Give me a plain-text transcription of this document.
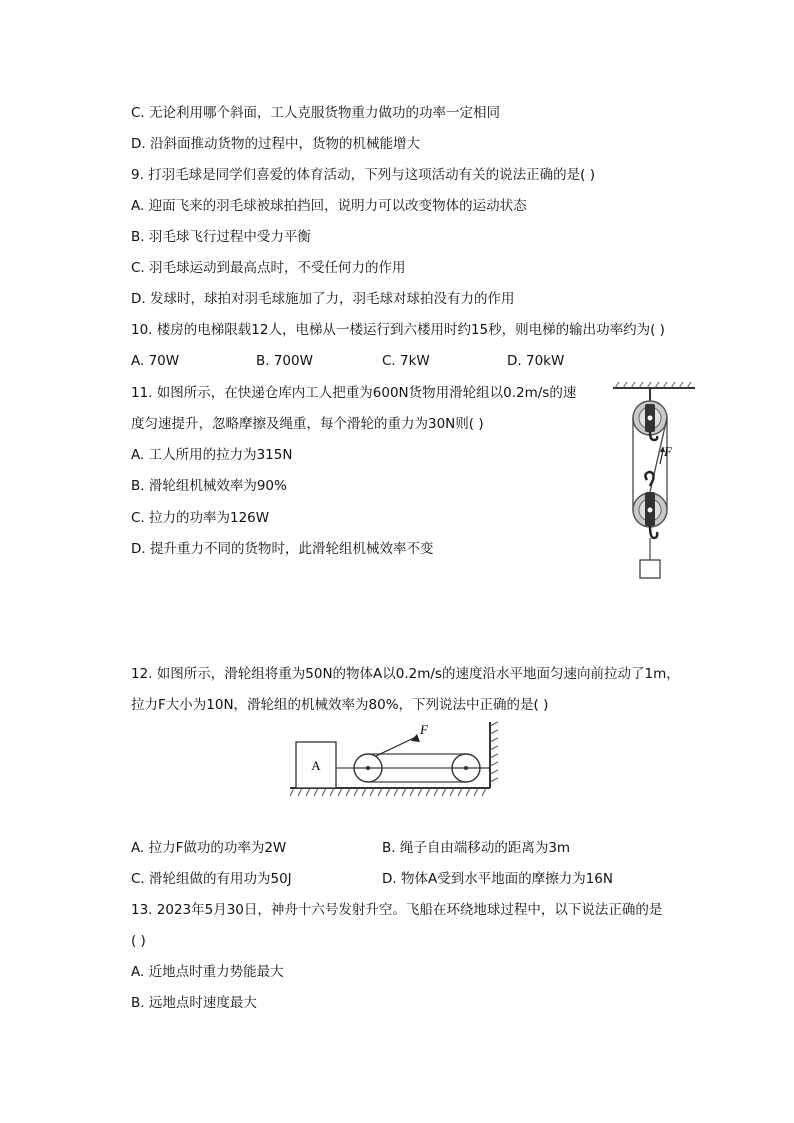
C. 无论利用哪个斜面，工人克服货物重力做功的功率一定相同
D. 沿斜面推动货物的过程中，货物的机械能增大
9. 打羽毛球是同学们喜爱的体育活动，下列与这项活动有关的说法正确的是( )
A. 迎面飞来的羽毛球被球拍挡回，说明力可以改变物体的运动状态
B. 羽毛球飞行过程中受力平衡
C. 羽毛球运动到最高点时，不受任何力的作用
D. 发球时，球拍对羽毛球施加了力，羽毛球对球拍没有力的作用
10. 楼房的电梯限载12人，电梯从一楼运行到六楼用时约15秒，则电梯的输出功率约为( )
A. 70W	B. 700W	C. 7kW	D. 70kW
11. 如图所示，在快递仓库内工人把重为600N货物用滑轮组以0.2m/s的速
度匀速提升，忽略摩擦及绳重，每个滑轮的重力为30N则( )
A. 工人所用的拉力为315N
B. 滑轮组机械效率为90%
C. 拉力的功率为126W
D. 提升重力不同的货物时，此滑轮组机械效率不变
F
12. 如图所示，滑轮组将重为50N的物体A以0.2m/s的速度沿水平地面匀速向前拉动了1m，
拉力F大小为10N，滑轮组的机械效率为80%，下列说法中正确的是( )
A
F
A. 拉力F做功的功率为2W	B. 绳子自由端移动的距离为3m
C. 滑轮组做的有用功为50J	D. 物体A受到水平地面的摩擦力为16N
13. 2023年5月30日，神舟十六号发射升空。飞船在环绕地球过程中，以下说法正确的是
( )
A. 近地点时重力势能最大
B. 远地点时速度最大
